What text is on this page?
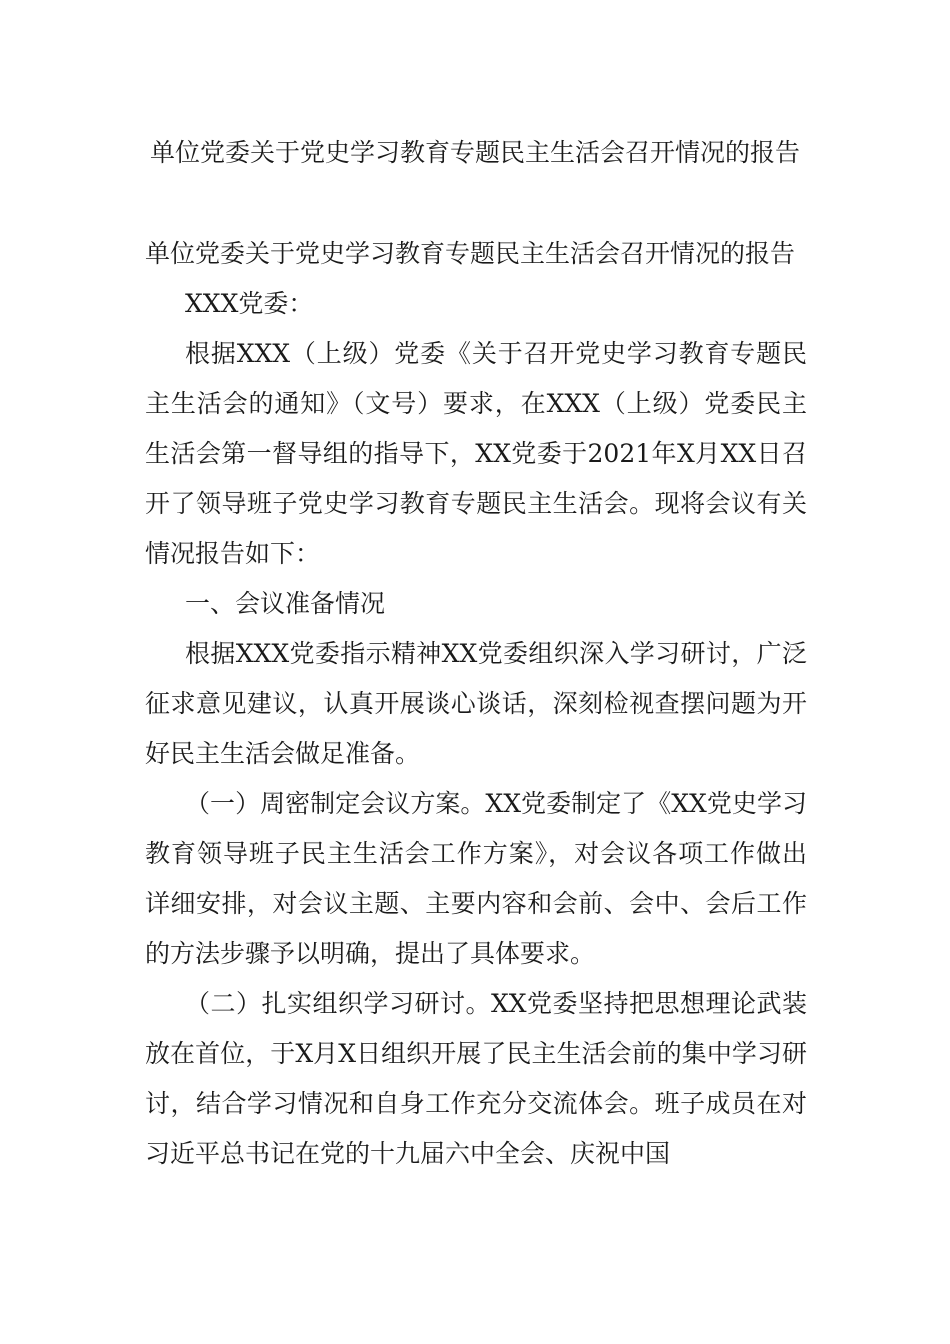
单位党委关于党史学习教育专题民主生活会召开情况的报告

单位党委关于党史学习教育专题民主生活会召开情况的报告

XXX党委：

根据XXX（上级）党委《关于召开党史学习教育专题民主生活会的通知》（文号）要求，在XXX（上级）党委民主生活会第一督导组的指导下，XX党委于2021年X月XX日召开了领导班子党史学习教育专题民主生活会。现将会议有关情况报告如下：

一、会议准备情况

根据XXX党委指示精神XX党委组织深入学习研讨，广泛征求意见建议，认真开展谈心谈话，深刻检视查摆问题为开好民主生活会做足准备。

（一）周密制定会议方案。XX党委制定了《XX党史学习教育领导班子民主生活会工作方案》，对会议各项工作做出详细安排，对会议主题、主要内容和会前、会中、会后工作的方法步骤予以明确，提出了具体要求。

（二）扎实组织学习研讨。XX党委坚持把思想理论武装放在首位，于X月X日组织开展了民主生活会前的集中学习研讨，结合学习情况和自身工作充分交流体会。班子成员在对习近平总书记在党的十九届六中全会、庆祝中国
